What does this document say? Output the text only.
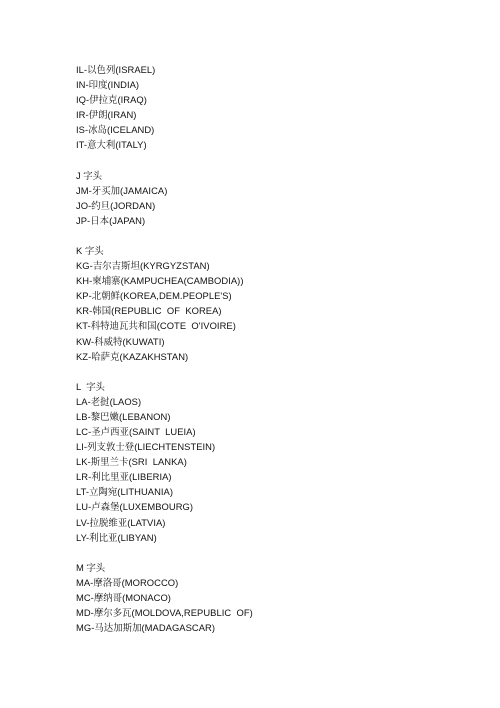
IL-以色列(ISRAEL)
IN-印度(INDIA)
IQ-伊拉克(IRAQ)
IR-伊朗(IRAN)
IS-冰岛(ICELAND)
IT-意大利(ITALY)
J 字头
JM-牙买加(JAMAICA)
JO-约旦(JORDAN)
JP-日本(JAPAN)
K 字头
KG-吉尔吉斯坦(KYRGYZSTAN)
KH-柬埔寨(KAMPUCHEA(CAMBODIA))
KP-北朝鲜(KOREA,DEM.PEOPLE'S)
KR-韩国(REPUBLIC  OF  KOREA)
KT-科特迪瓦共和国(COTE  O'IVOIRE)
KW-科威特(KUWATI)
KZ-哈萨克(KAZAKHSTAN)
L  字头
LA-老挝(LAOS)
LB-黎巴嫩(LEBANON)
LC-圣卢西亚(SAINT  LUEIA)
LI-列支敦士登(LIECHTENSTEIN)
LK-斯里兰卡(SRI  LANKA)
LR-利比里亚(LIBERIA)
LT-立陶宛(LITHUANIA)
LU-卢森堡(LUXEMBOURG)
LV-拉脱维亚(LATVIA)
LY-利比亚(LIBYAN)
M 字头
MA-摩洛哥(MOROCCO)
MC-摩纳哥(MONACO)
MD-摩尔多瓦(MOLDOVA,REPUBLIC  OF)
MG-马达加斯加(MADAGASCAR)
